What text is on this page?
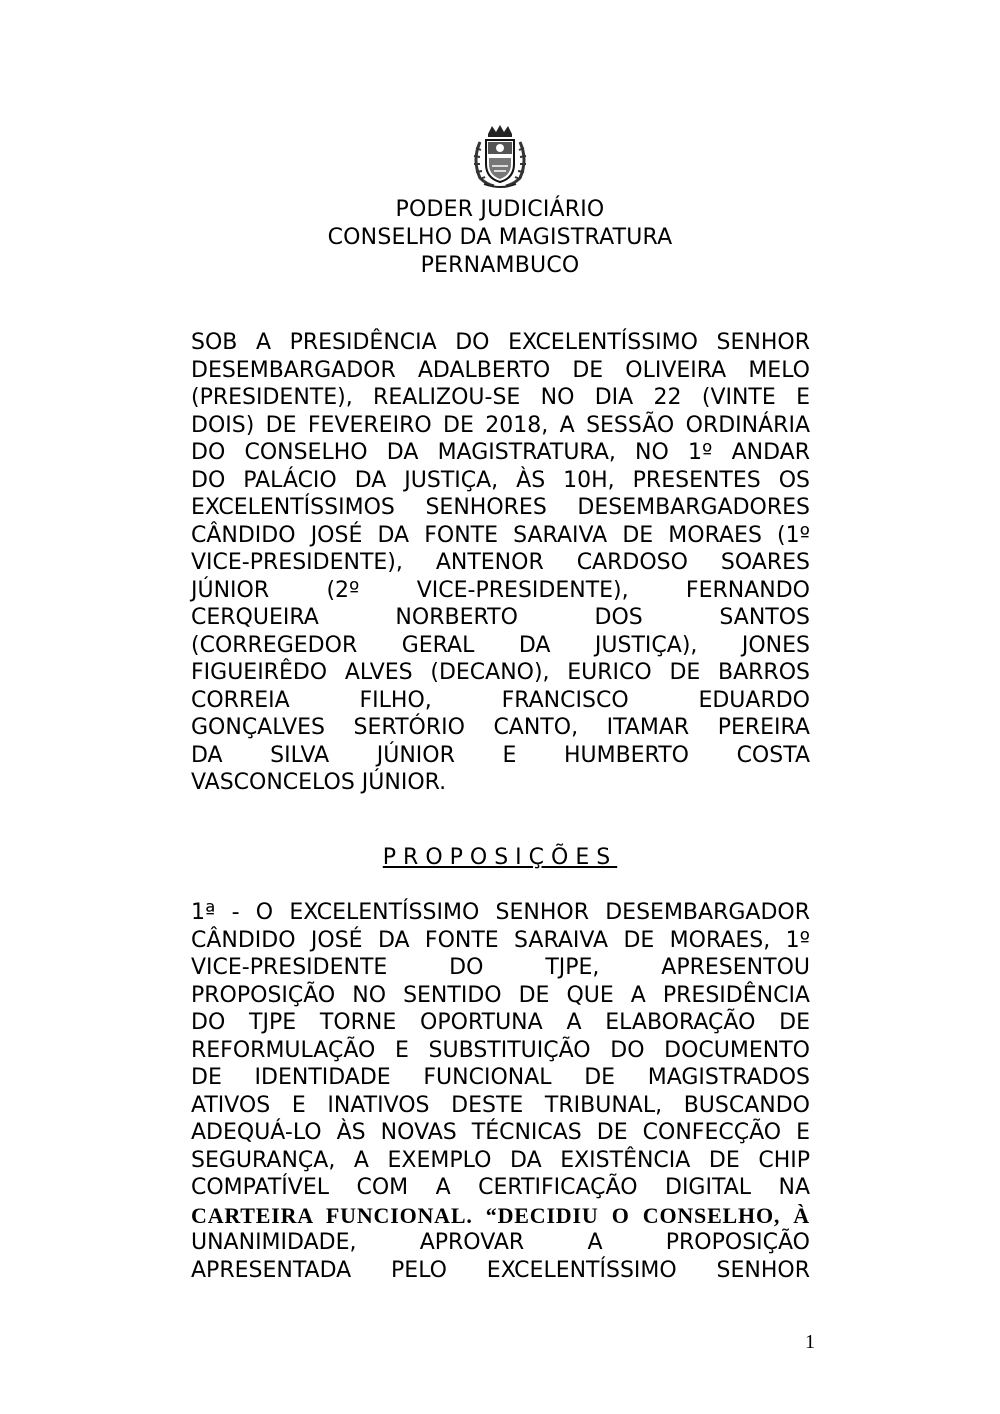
PODER JUDICIÁRIO
CONSELHO DA MAGISTRATURA
PERNAMBUCO
SOB A PRESIDÊNCIA DO EXCELENTÍSSIMO SENHOR
DESEMBARGADOR ADALBERTO DE OLIVEIRA MELO
(PRESIDENTE), REALIZOU-SE NO DIA 22 (VINTE E
DOIS) DE FEVEREIRO DE 2018, A SESSÃO ORDINÁRIA
DO CONSELHO DA MAGISTRATURA, NO 1º ANDAR
DO PALÁCIO DA JUSTIÇA, ÀS 10H, PRESENTES OS
EXCELENTÍSSIMOS SENHORES DESEMBARGADORES
CÂNDIDO JOSÉ DA FONTE SARAIVA DE MORAES (1º
VICE-PRESIDENTE), ANTENOR CARDOSO SOARES
JÚNIOR (2º VICE-PRESIDENTE), FERNANDO
CERQUEIRA NORBERTO DOS SANTOS
(CORREGEDOR GERAL DA JUSTIÇA), JONES
FIGUEIRÊDO ALVES (DECANO), EURICO DE BARROS
CORREIA FILHO, FRANCISCO EDUARDO
GONÇALVES SERTÓRIO CANTO, ITAMAR PEREIRA
DA SILVA JÚNIOR E HUMBERTO COSTA
VASCONCELOS JÚNIOR.
PROPOSIÇÕES
1ª - O EXCELENTÍSSIMO SENHOR DESEMBARGADOR
CÂNDIDO JOSÉ DA FONTE SARAIVA DE MORAES, 1º
VICE-PRESIDENTE DO TJPE, APRESENTOU
PROPOSIÇÃO NO SENTIDO DE QUE A PRESIDÊNCIA
DO TJPE TORNE OPORTUNA A ELABORAÇÃO DE
REFORMULAÇÃO E SUBSTITUIÇÃO DO DOCUMENTO
DE IDENTIDADE FUNCIONAL DE MAGISTRADOS
ATIVOS E INATIVOS DESTE TRIBUNAL, BUSCANDO
ADEQUÁ-LO ÀS NOVAS TÉCNICAS DE CONFECÇÃO E
SEGURANÇA, A EXEMPLO DA EXISTÊNCIA DE CHIP
COMPATÍVEL COM A CERTIFICAÇÃO DIGITAL NA
CARTEIRA FUNCIONAL. “DECIDIU O CONSELHO, À
UNANIMIDADE, APROVAR A PROPOSIÇÃO
APRESENTADA PELO EXCELENTÍSSIMO SENHOR
1
